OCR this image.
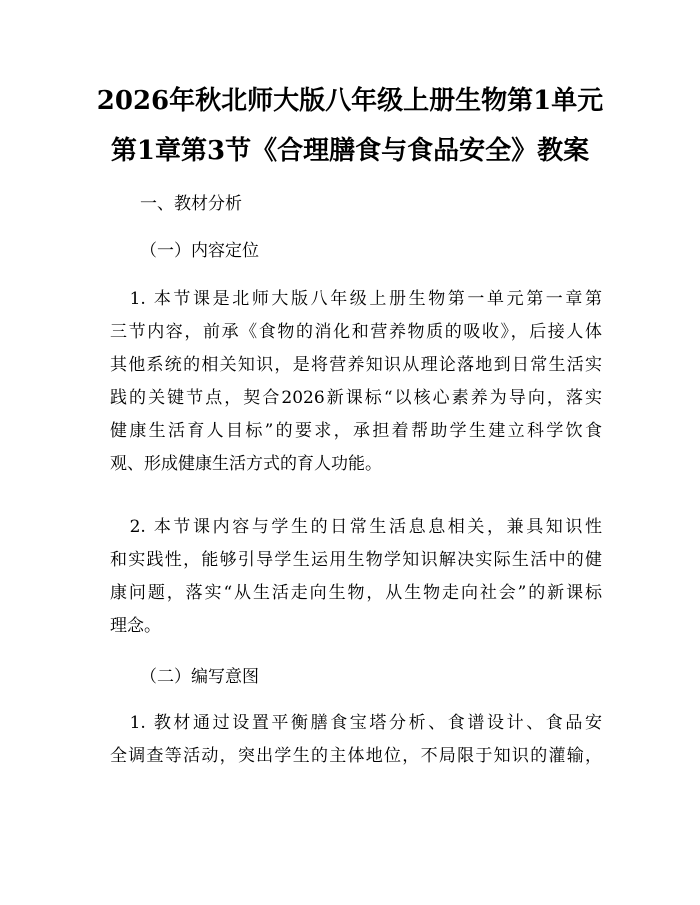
2026年秋北师大版八年级上册生物第1单元
第1章第3节《合理膳食与食品安全》教案
一、教材分析
（一）内容定位
　1. 本节课是北师大版八年级上册生物第一单元第一章第
三节内容，前承《食物的消化和营养物质的吸收》，后接人体
其他系统的相关知识，是将营养知识从理论落地到日常生活实
践的关键节点，契合2026新课标“以核心素养为导向，落实
健康生活育人目标”的要求，承担着帮助学生建立科学饮食
观、形成健康生活方式的育人功能。
　2. 本节课内容与学生的日常生活息息相关，兼具知识性
和实践性，能够引导学生运用生物学知识解决实际生活中的健
康问题，落实“从生活走向生物，从生物走向社会”的新课标
理念。
（二）编写意图
　1. 教材通过设置平衡膳食宝塔分析、食谱设计、食品安
全调查等活动，突出学生的主体地位，不局限于知识的灌输，
